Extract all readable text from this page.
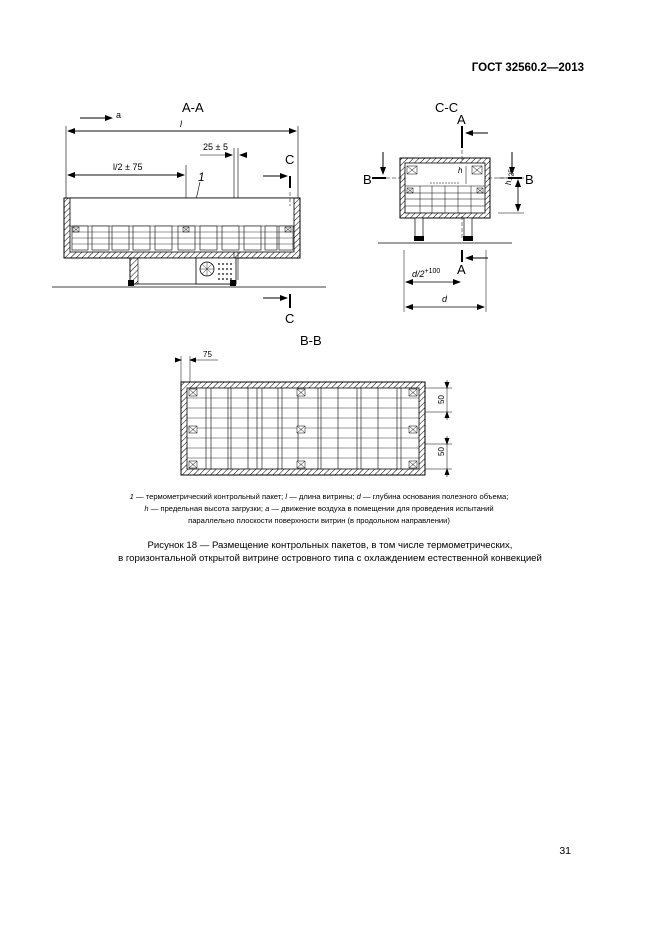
ГОСТ 32560.2—2013
А-А
a
l
l/2 ± 75
25 ± 5
1
С
С
С-С
А
А
В	В
h
$h_{-25}$
$d/2^{+100}$
d
В-В
75
50
50
1 — термометрический контрольный пакет; l — длина витрины; d — глубина основания полезного объема;
h — предельная высота загрузки; a — движение воздуха в помещении для проведения испытаний
параллельно плоскости поверхности витрин (в продольном направлении)
Рисунок 18 — Размещение контрольных пакетов, в том числе термометрических,
в горизонтальной открытой витрине островного типа с охлаждением естественной конвекцией
31
